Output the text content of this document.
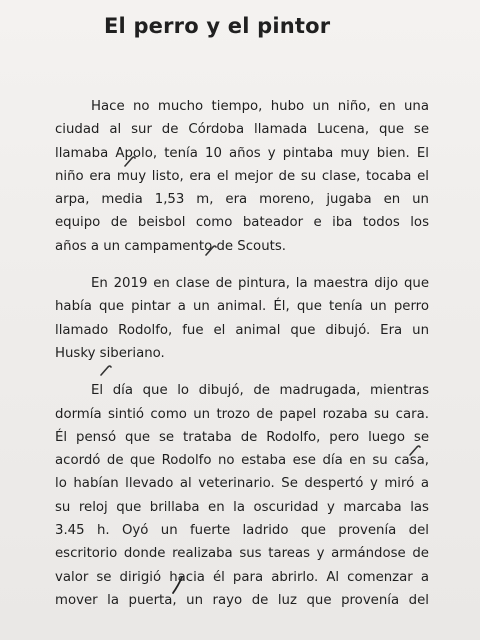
El perro y el pintor

Hace no mucho tiempo, hubo un niño, en una
ciudad al sur de Córdoba llamada Lucena, que se
llamaba Apolo, tenía 10 años y pintaba muy bien. El
niño era muy listo, era el mejor de su clase, tocaba el
arpa, media 1,53 m, era moreno, jugaba en un
equipo de beisbol como bateador e iba todos los
años a un campamento de Scouts.

En 2019 en clase de pintura, la maestra dijo que
había que pintar a un animal. Él, que tenía un perro
llamado Rodolfo, fue el animal que dibujó. Era un
Husky siberiano.

El día que lo dibujó, de madrugada, mientras
dormía sintió como un trozo de papel rozaba su cara.
Él pensó que se trataba de Rodolfo, pero luego se
acordó de que Rodolfo no estaba ese día en su casa,
lo habían llevado al veterinario. Se despertó y miró a
su reloj que brillaba en la oscuridad y marcaba las
3.45 h. Oyó un fuerte ladrido que provenía del
escritorio donde realizaba sus tareas y armándose de
valor se dirigió hacia él para abrirlo. Al comenzar a
mover la puerta, un rayo de luz que provenía del
